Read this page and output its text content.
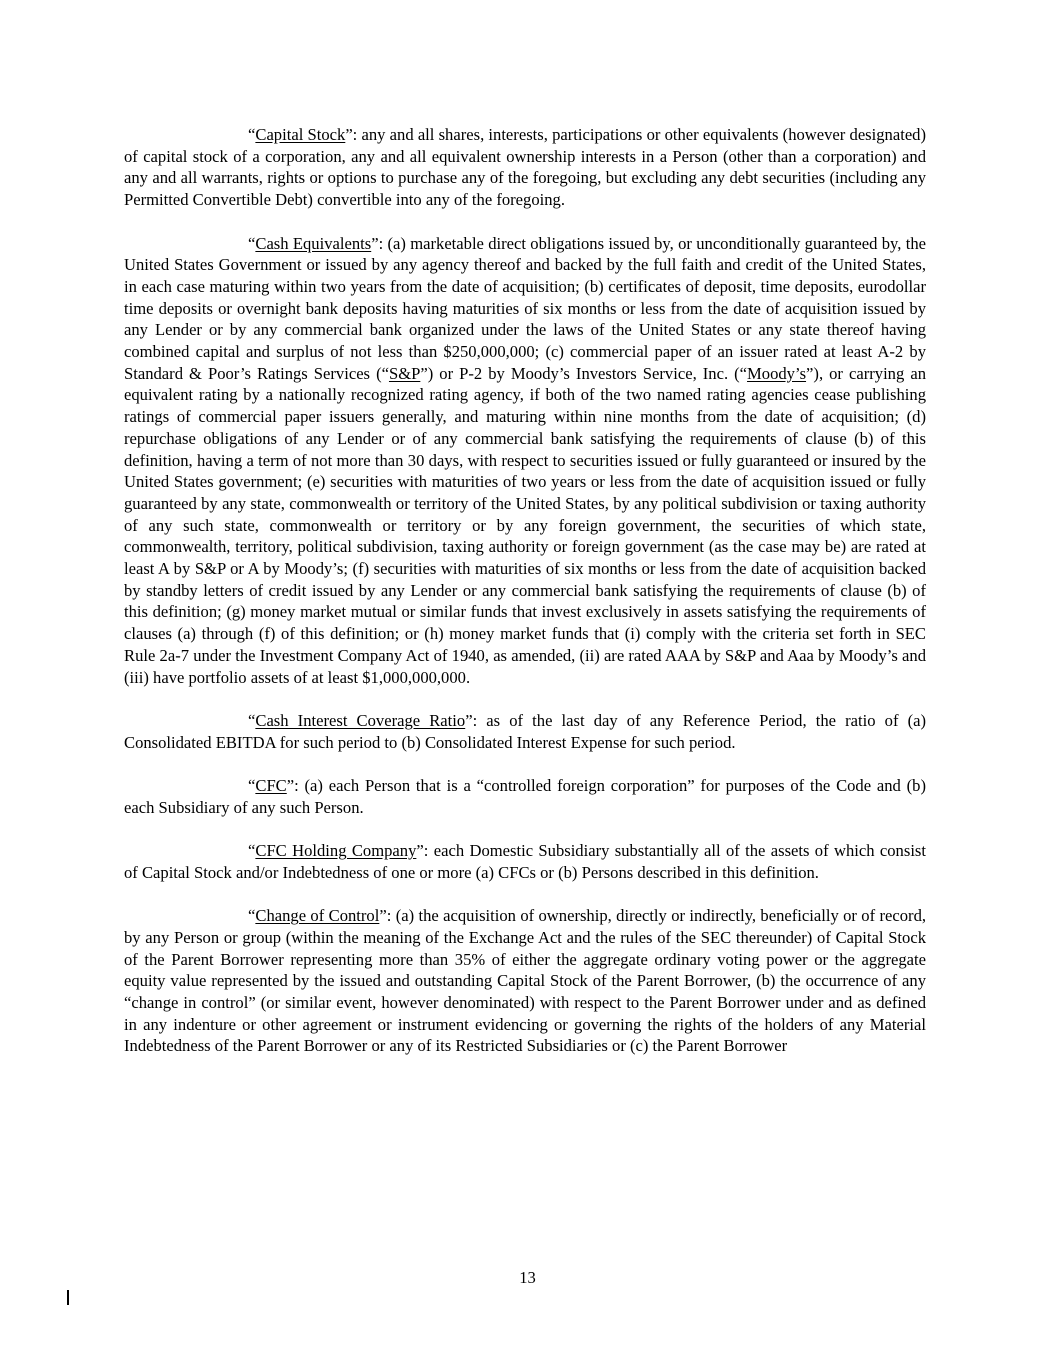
“Capital Stock”: any and all shares, interests, participations or other equivalents (however designated) of capital stock of a corporation, any and all equivalent ownership interests in a Person (other than a corporation) and any and all warrants, rights or options to purchase any of the foregoing, but excluding any debt securities (including any Permitted Convertible Debt) convertible into any of the foregoing.

“Cash Equivalents”: (a) marketable direct obligations issued by, or unconditionally guaranteed by, the United States Government or issued by any agency thereof and backed by the full faith and credit of the United States, in each case maturing within two years from the date of acquisition; (b) certificates of deposit, time deposits, eurodollar time deposits or overnight bank deposits having maturities of six months or less from the date of acquisition issued by any Lender or by any commercial bank organized under the laws of the United States or any state thereof having combined capital and surplus of not less than $250,000,000; (c) commercial paper of an issuer rated at least A-2 by Standard & Poor’s Ratings Services (“S&P”) or P-2 by Moody’s Investors Service, Inc. (“Moody’s”), or carrying an equivalent rating by a nationally recognized rating agency, if both of the two named rating agencies cease publishing ratings of commercial paper issuers generally, and maturing within nine months from the date of acquisition; (d) repurchase obligations of any Lender or of any commercial bank satisfying the requirements of clause (b) of this definition, having a term of not more than 30 days, with respect to securities issued or fully guaranteed or insured by the United States government; (e) securities with maturities of two years or less from the date of acquisition issued or fully guaranteed by any state, commonwealth or territory of the United States, by any political subdivision or taxing authority of any such state, commonwealth or territory or by any foreign government, the securities of which state, commonwealth, territory, political subdivision, taxing authority or foreign government (as the case may be) are rated at least A by S&P or A by Moody’s; (f) securities with maturities of six months or less from the date of acquisition backed by standby letters of credit issued by any Lender or any commercial bank satisfying the requirements of clause (b) of this definition; (g) money market mutual or similar funds that invest exclusively in assets satisfying the requirements of clauses (a) through (f) of this definition; or (h) money market funds that (i) comply with the criteria set forth in SEC Rule 2a-7 under the Investment Company Act of 1940, as amended, (ii) are rated AAA by S&P and Aaa by Moody’s and (iii) have portfolio assets of at least $1,000,000,000.

“Cash Interest Coverage Ratio”: as of the last day of any Reference Period, the ratio of (a) Consolidated EBITDA for such period to (b) Consolidated Interest Expense for such period.

“CFC”: (a) each Person that is a “controlled foreign corporation” for purposes of the Code and (b) each Subsidiary of any such Person.

“CFC Holding Company”: each Domestic Subsidiary substantially all of the assets of which consist of Capital Stock and/or Indebtedness of one or more (a) CFCs or (b) Persons described in this definition.

“Change of Control”: (a) the acquisition of ownership, directly or indirectly, beneficially or of record, by any Person or group (within the meaning of the Exchange Act and the rules of the SEC thereunder) of Capital Stock of the Parent Borrower representing more than 35% of either the aggregate ordinary voting power or the aggregate equity value represented by the issued and outstanding Capital Stock of the Parent Borrower, (b) the occurrence of any “change in control” (or similar event, however denominated) with respect to the Parent Borrower under and as defined in any indenture or other agreement or instrument evidencing or governing the rights of the holders of any Material Indebtedness of the Parent Borrower or any of its Restricted Subsidiaries or (c) the Parent Borrower

13
